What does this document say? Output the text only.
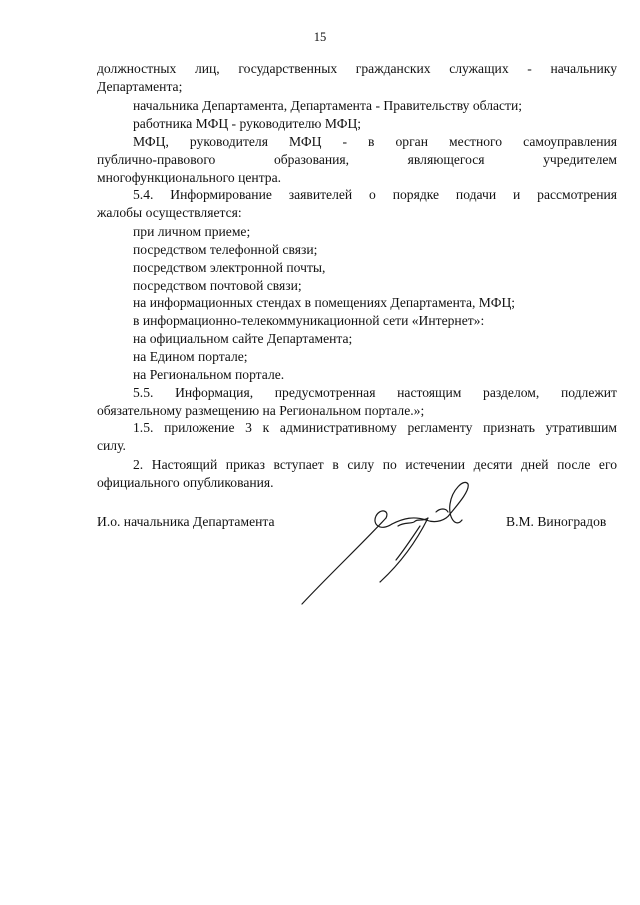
15
должностных лиц, государственных гражданских служащих - начальнику
Департамента;
начальника Департамента, Департамента - Правительству области;
работника МФЦ - руководителю МФЦ;
МФЦ, руководителя МФЦ - в орган местного самоуправления
публично-правового образования, являющегося учредителем
многофункционального центра.
5.4. Информирование заявителей о порядке подачи и рассмотрения
жалобы осуществляется:
при личном приеме;
посредством телефонной связи;
посредством электронной почты,
посредством почтовой связи;
на информационных стендах в помещениях Департамента, МФЦ;
в информационно-телекоммуникационной сети «Интернет»:
на официальном сайте Департамента;
на Едином портале;
на Региональном портале.
5.5. Информация, предусмотренная настоящим разделом, подлежит
обязательному размещению на Региональном портале.»;
1.5. приложение 3 к административному регламенту признать утратившим
силу.
2. Настоящий приказ вступает в силу по истечении десяти дней после его
официального опубликования.
И.о. начальника Департамента	В.М. Виноградов
